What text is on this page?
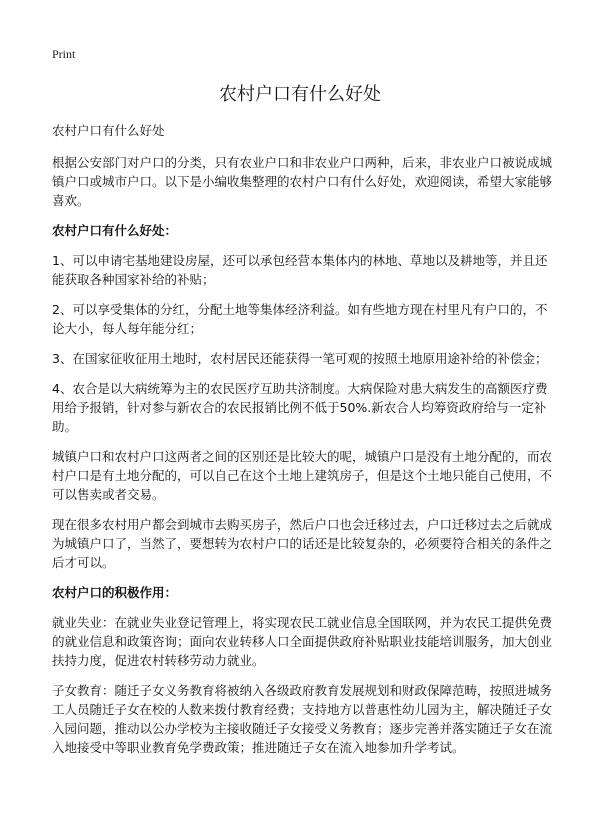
Print
农村户口有什么好处

农村户口有什么好处

根据公安部门对户口的分类，只有农业户口和非农业户口两种，后来，非农业户口被说成城镇户口或城市户口。以下是小编收集整理的农村户口有什么好处，欢迎阅读，希望大家能够喜欢。

农村户口有什么好处：

1、可以申请宅基地建设房屋，还可以承包经营本集体内的林地、草地以及耕地等，并且还能获取各种国家补给的补贴；

2、可以享受集体的分红，分配土地等集体经济利益。如有些地方现在村里凡有户口的，不论大小，每人每年能分红；

3、在国家征收征用土地时，农村居民还能获得一笔可观的按照土地原用途补给的补偿金；

4、农合是以大病统筹为主的农民医疗互助共济制度。大病保险对患大病发生的高额医疗费用给予报销，针对参与新农合的农民报销比例不低于50%.新农合人均筹资政府给与一定补助。

城镇户口和农村户口这两者之间的区别还是比较大的呢，城镇户口是没有土地分配的，而农村户口是有土地分配的，可以自己在这个土地上建筑房子，但是这个土地只能自己使用，不可以售卖或者交易。

现在很多农村用户都会到城市去购买房子，然后户口也会迁移过去，户口迁移过去之后就成为城镇户口了，当然了，要想转为农村户口的话还是比较复杂的，必须要符合相关的条件之后才可以。

农村户口的积极作用：

就业失业：在就业失业登记管理上，将实现农民工就业信息全国联网，并为农民工提供免费的就业信息和政策咨询；面向农业转移人口全面提供政府补贴职业技能培训服务，加大创业扶持力度，促进农村转移劳动力就业。

子女教育：随迁子女义务教育将被纳入各级政府教育发展规划和财政保障范畴，按照进城务工人员随迁子女在校的人数来拨付教育经费；支持地方以普惠性幼儿园为主，解决随迁子女入园问题，推动以公办学校为主接收随迁子女接受义务教育；逐步完善并落实随迁子女在流入地接受中等职业教育免学费政策；推进随迁子女在流入地参加升学考试。
